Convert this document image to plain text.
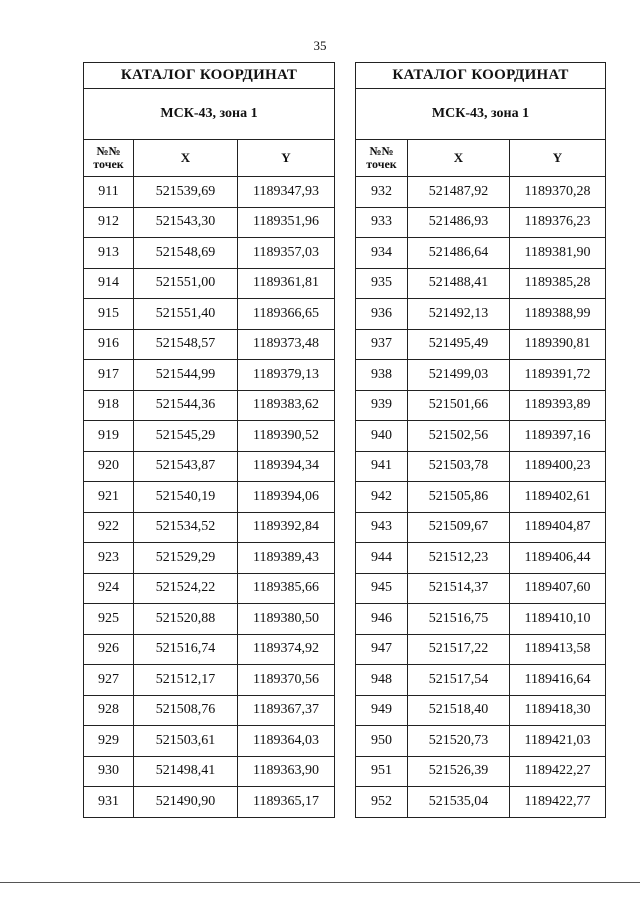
35
КАТАЛОГ КООРДИНАТ		
МСК-43, зона 1		
№№ точек	X	Y
911	521539,69	1189347,93
912	521543,30	1189351,96
913	521548,69	1189357,03
914	521551,00	1189361,81
915	521551,40	1189366,65
916	521548,57	1189373,48
917	521544,99	1189379,13
918	521544,36	1189383,62
919	521545,29	1189390,52
920	521543,87	1189394,34
921	521540,19	1189394,06
922	521534,52	1189392,84
923	521529,29	1189389,43
924	521524,22	1189385,66
925	521520,88	1189380,50
926	521516,74	1189374,92
927	521512,17	1189370,56
928	521508,76	1189367,37
929	521503,61	1189364,03
930	521498,41	1189363,90
931	521490,90	1189365,17
КАТАЛОГ КООРДИНАТ		
МСК-43, зона 1		
№№ точек	X	Y
932	521487,92	1189370,28
933	521486,93	1189376,23
934	521486,64	1189381,90
935	521488,41	1189385,28
936	521492,13	1189388,99
937	521495,49	1189390,81
938	521499,03	1189391,72
939	521501,66	1189393,89
940	521502,56	1189397,16
941	521503,78	1189400,23
942	521505,86	1189402,61
943	521509,67	1189404,87
944	521512,23	1189406,44
945	521514,37	1189407,60
946	521516,75	1189410,10
947	521517,22	1189413,58
948	521517,54	1189416,64
949	521518,40	1189418,30
950	521520,73	1189421,03
951	521526,39	1189422,27
952	521535,04	1189422,77
